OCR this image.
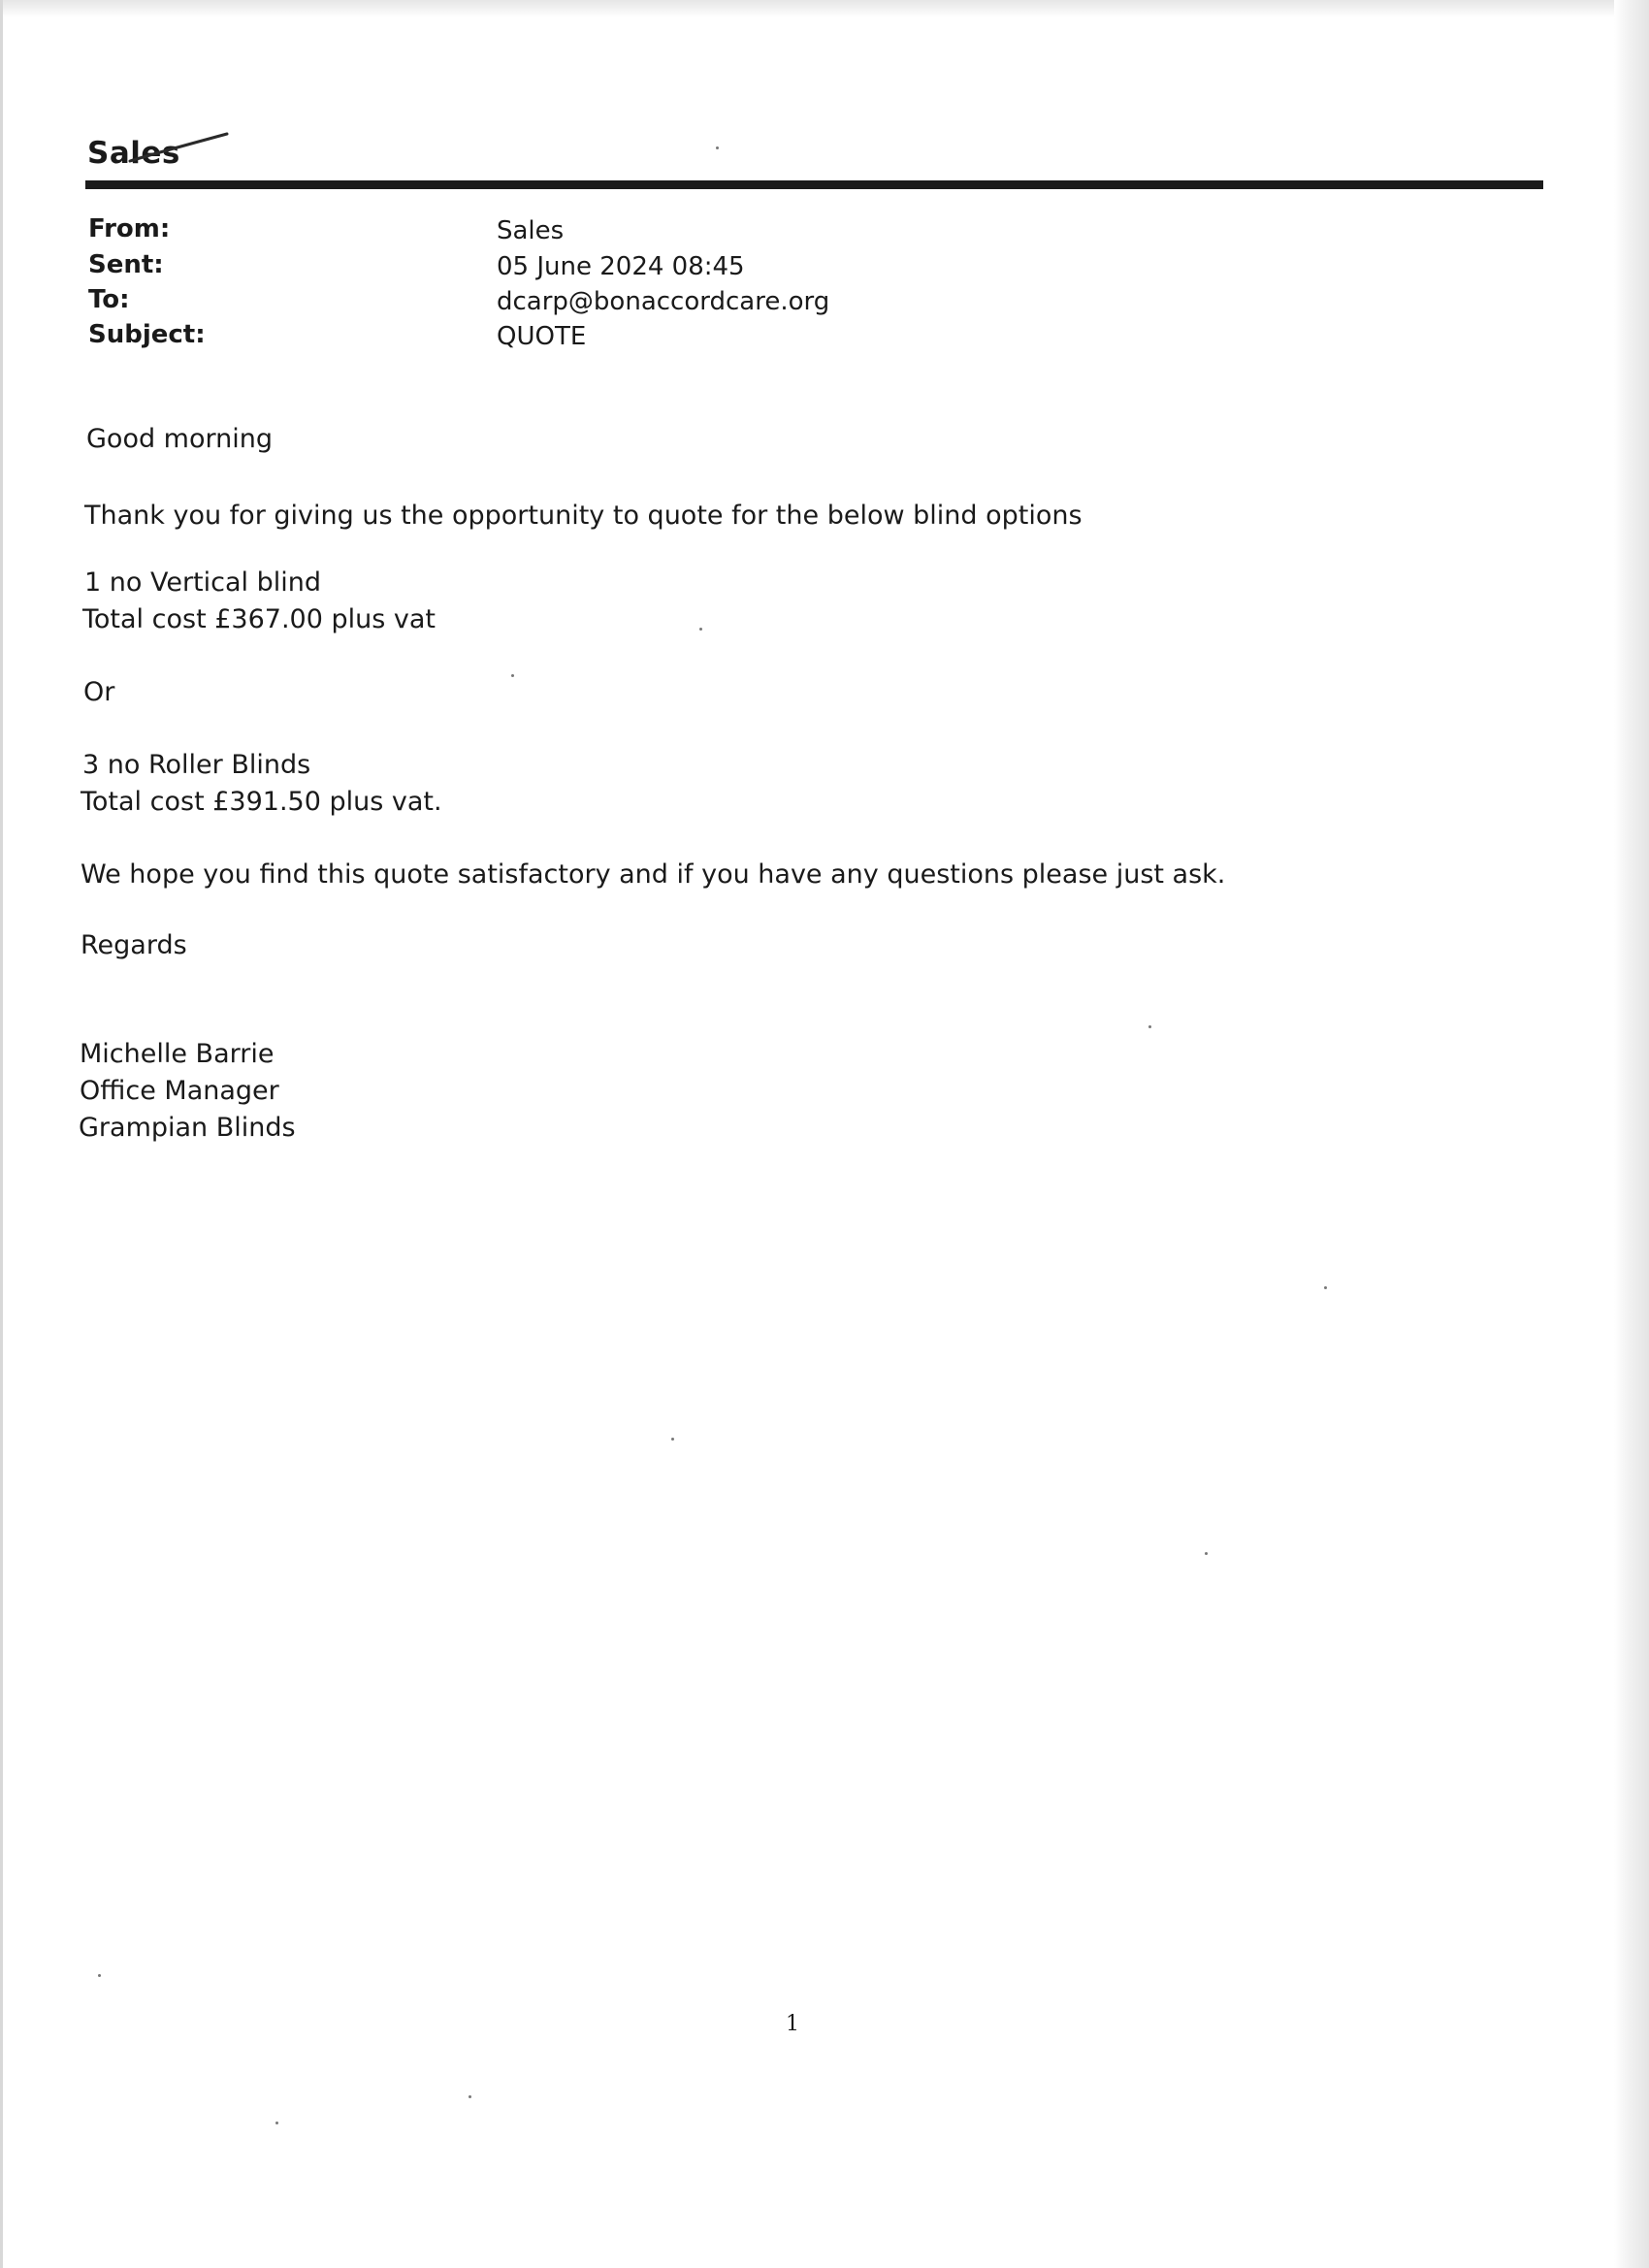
Sales
From:	Sales
Sent:	05 June 2024 08:45
To:	dcarp@bonaccordcare.org
Subject:	QUOTE
Good morning
Thank you for giving us the opportunity to quote for the below blind options
1 no Vertical blind
Total cost £367.00 plus vat
Or
3 no Roller Blinds
Total cost £391.50 plus vat.
We hope you find this quote satisfactory and if you have any questions please just ask.
Regards
Michelle Barrie
Office Manager
Grampian Blinds
1
